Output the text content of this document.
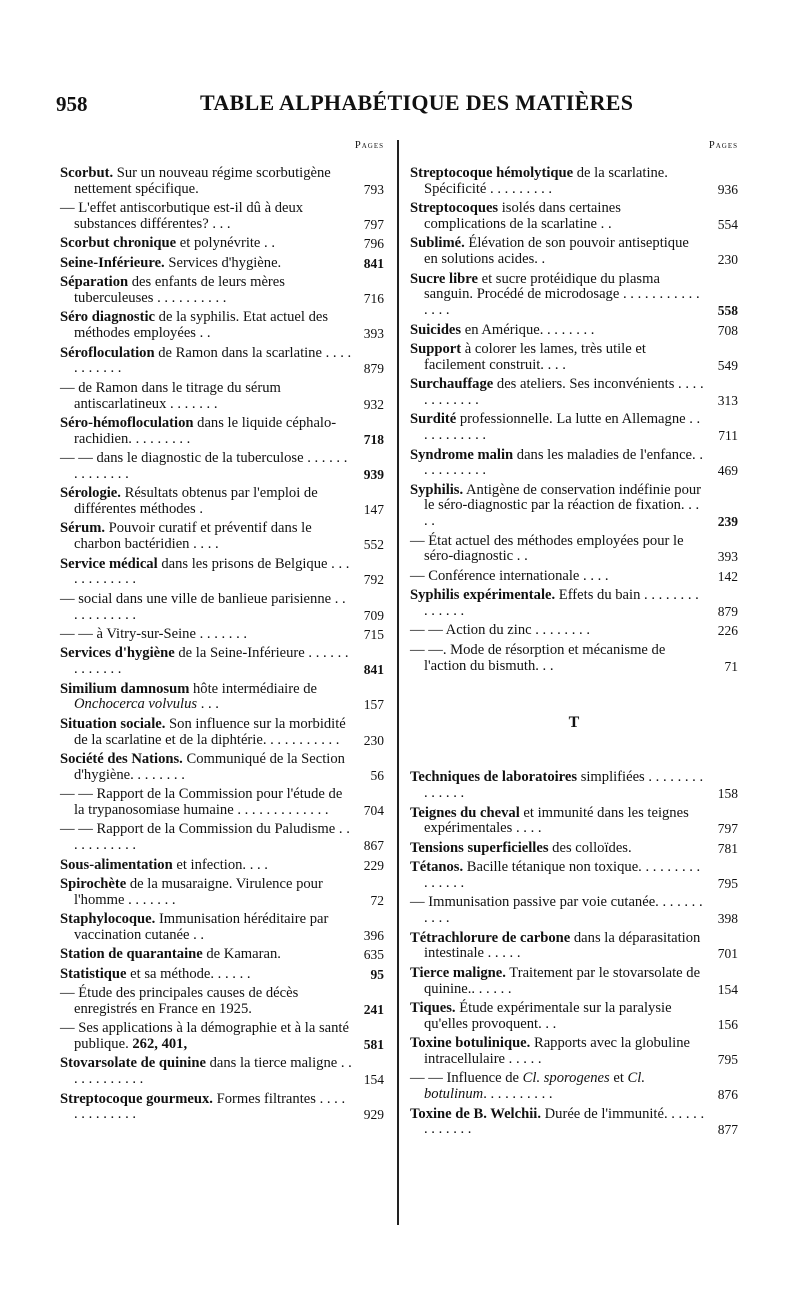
958	TABLE ALPHABÉTIQUE DES MATIÈRES
Pages
Scorbut. Sur un nouveau régime scorbutigène nettement spécifique.	793
— L'effet antiscorbutique est-il dû à deux substances différentes? . . .	797
Scorbut chronique et polynévrite . .	796
Seine-Inférieure. Services d'hygiène.	841
Séparation des enfants de leurs mères tuberculeuses . . . . . . . . . .	716
Séro diagnostic de la syphilis. Etat actuel des méthodes employées . .	393
Sérofloculation de Ramon dans la scarlatine . . . . . . . . . . .	879
— de Ramon dans le titrage du sérum antiscarlatineux . . . . . . .	932
Séro-hémofloculation dans le liquide céphalo-rachidien. . . . . . . . .	718
— — dans le diagnostic de la tuberculose . . . . . . . . . . . . . .	939
Sérologie. Résultats obtenus par l'emploi de différentes méthodes .	147
Sérum. Pouvoir curatif et préventif dans le charbon bactéridien . . . .	552
Service médical dans les prisons de Belgique . . . . . . . . . . . .	792
— social dans une ville de banlieue parisienne . . . . . . . . . . .	709
— — à Vitry-sur-Seine . . . . . . .	715
Services d'hygiène de la Seine-Inférieure . . . . . . . . . . . . .	841
Similium damnosum hôte intermédiaire de Onchocerca volvulus . . .	157
Situation sociale. Son influence sur la morbidité de la scarlatine et de la diphtérie. . . . . . . . . . .	230
Société des Nations. Communiqué de la Section d'hygiène. . . . . . . .	56
— — Rapport de la Commission pour l'étude de la trypanosomiase humaine . . . . . . . . . . . . .	704
— — Rapport de la Commission du Paludisme . . . . . . . . . . .	867
Sous-alimentation et infection. . . .	229
Spirochète de la musaraigne. Virulence pour l'homme . . . . . . .	72
Staphylocoque. Immunisation héréditaire par vaccination cutanée . .	396
Station de quarantaine de Kamaran.	635
Statistique et sa méthode. . . . . .	95
— Étude des principales causes de décès enregistrés en France en 1925.	241
— Ses applications à la démographie et à la santé publique. 262, 401,	581
Stovarsolate de quinine dans la tierce maligne . . . . . . . . . . . .	154
Streptocoque gourmeux. Formes filtrantes . . . . . . . . . . . . .	929
Pages
Streptocoque hémolytique de la scarlatine. Spécificité . . . . . . . . .	936
Streptocoques isolés dans certaines complications de la scarlatine . .	554
Sublimé. Élévation de son pouvoir antiseptique en solutions acides. .	230
Sucre libre et sucre protéidique du plasma sanguin. Procédé de microdosage . . . . . . . . . . . . . . .	558
Suicides en Amérique. . . . . . . .	708
Support à colorer les lames, très utile et facilement construit. . . .	549
Surchauffage des ateliers. Ses inconvénients . . . . . . . . . . . .	313
Surdité professionnelle. La lutte en Allemagne . . . . . . . . . . .	711
Syndrome malin dans les maladies de l'enfance. . . . . . . . . . .	469
Syphilis. Antigène de conservation indéfinie pour le séro-diagnostic par la réaction de fixation. . . . .	239
— État actuel des méthodes employées pour le séro-diagnostic . .	393
— Conférence internationale . . . .	142
Syphilis expérimentale. Effets du bain . . . . . . . . . . . . . .	879
— — Action du zinc . . . . . . . .	226
— —. Mode de résorption et mécanisme de l'action du bismuth. . .	71
T
Techniques de laboratoires simplifiées . . . . . . . . . . . . . .	158
Teignes du cheval et immunité dans les teignes expérimentales . . . .	797
Tensions superficielles des colloïdes.	781
Tétanos. Bacille tétanique non toxique. . . . . . . . . . . . . . .	795
— Immunisation passive par voie cutanée. . . . . . . . . . .	398
Tétrachlorure de carbone dans la déparasitation intestinale . . . . .	701
Tierce maligne. Traitement par le stovarsolate de quinine.. . . . . .	154
Tiques. Étude expérimentale sur la paralysie qu'elles provoquent. . .	156
Toxine botulinique. Rapports avec la globuline intracellulaire . . . . .	795
— — Influence de Cl. sporogenes et Cl. botulinum. . . . . . . . . .	876
Toxine de B. Welchii. Durée de l'immunité. . . . . . . . . . . . .	877
